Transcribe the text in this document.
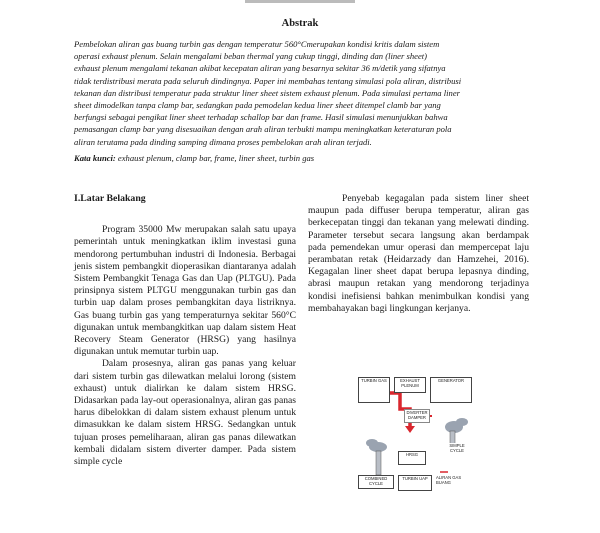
Abstrak
Pembelokan aliran gas buang turbin gas dengan temperatur 560°Cmerupakan kondisi kritis dalam sistem
operasi exhaust plenum. Selain mengalami beban thermal yang cukup tinggi, dinding dan (liner sheet)
exhaust plenum mengalami tekanan akibat kecepatan aliran yang besarnya sekitar 36 m/detik yang sifatnya
tidak terdistribusi merata pada seluruh dindingnya. Paper ini membahas tentang simulasi pola aliran, distribusi
tekanan dan distribusi temperatur pada struktur liner sheet sistem exhaust plenum. Pada simulasi pertama liner
sheet dimodelkan tanpa clamp bar, sedangkan pada pemodelan kedua liner sheet ditempel clamb bar yang
berfungsi sebagai pengikat liner sheet terhadap schallop bar dan frame. Hasil simulasi menunjukkan bahwa
pemasangan clamp bar yang disesuaikan dengan arah aliran terbukti mampu meningkatkan keteraturan pola
aliran terutama pada dinding samping dimana proses pembelokan arah aliran terjadi.
Kata kunci: exhaust plenum, clamp bar, frame, liner sheet, turbin gas
I.Latar Belakang

Program 35000 Mw merupakan salah satu upaya pemerintah untuk meningkatkan iklim investasi guna mendorong pertumbuhan industri di Indonesia. Berbagai jenis sistem pembangkit dioperasikan diantaranya adalah Sistem Pembangkit Tenaga Gas dan Uap (PLTGU). Pada prinsipnya sistem PLTGU menggunakan turbin gas dan turbin uap dalam proses pembangkitan daya listriknya. Gas buang turbin gas yang temperaturnya sekitar 560°C digunakan untuk membangkitkan uap dalam sistem Heat Recovery Steam Generator (HRSG) yang hasilnya digunakan untuk memutar turbin uap.

Dalam prosesnya, aliran gas panas yang keluar dari sistem turbin gas dilewatkan melalui lorong (sistem exhaust) untuk dialirkan ke dalam sistem HRSG. Didasarkan pada lay-out operasionalnya, aliran gas panas harus dibelokkan di dalam sistem exhaust plenum untuk dimasukkan ke dalam sistem HRSG. Sedangkan untuk tujuan proses pemeliharaan, aliran gas panas dilewatkan kembali didalam sistem diverter damper. Pada sistem simple cycle

Penyebab kegagalan pada sistem liner sheet maupun pada diffuser berupa temperatur, aliran gas berkecepatan tinggi dan tekanan yang melewati dinding. Parameter tersebut secara langsung akan berdampak pada pemendekan umur operasi dan mempercepat laju perambatan retak (Heidarzady dan Hamzehei, 2016). Kegagalan liner sheet dapat berupa lepasnya dinding, abrasi maupun retakan yang mendorong terjadinya kondisi inefisiensi bahkan menimbulkan kondisi yang membahayakan bagi lingkungan kerjanya.

TURBIN GAS	EXHAUST PLENUM
GENERATOR
DIVERTER DAMPER
SIMPLE CYCLE
HRSG
COMBINED CYCLE
TURBIN UAP	ALIRAN GAS BUANG
